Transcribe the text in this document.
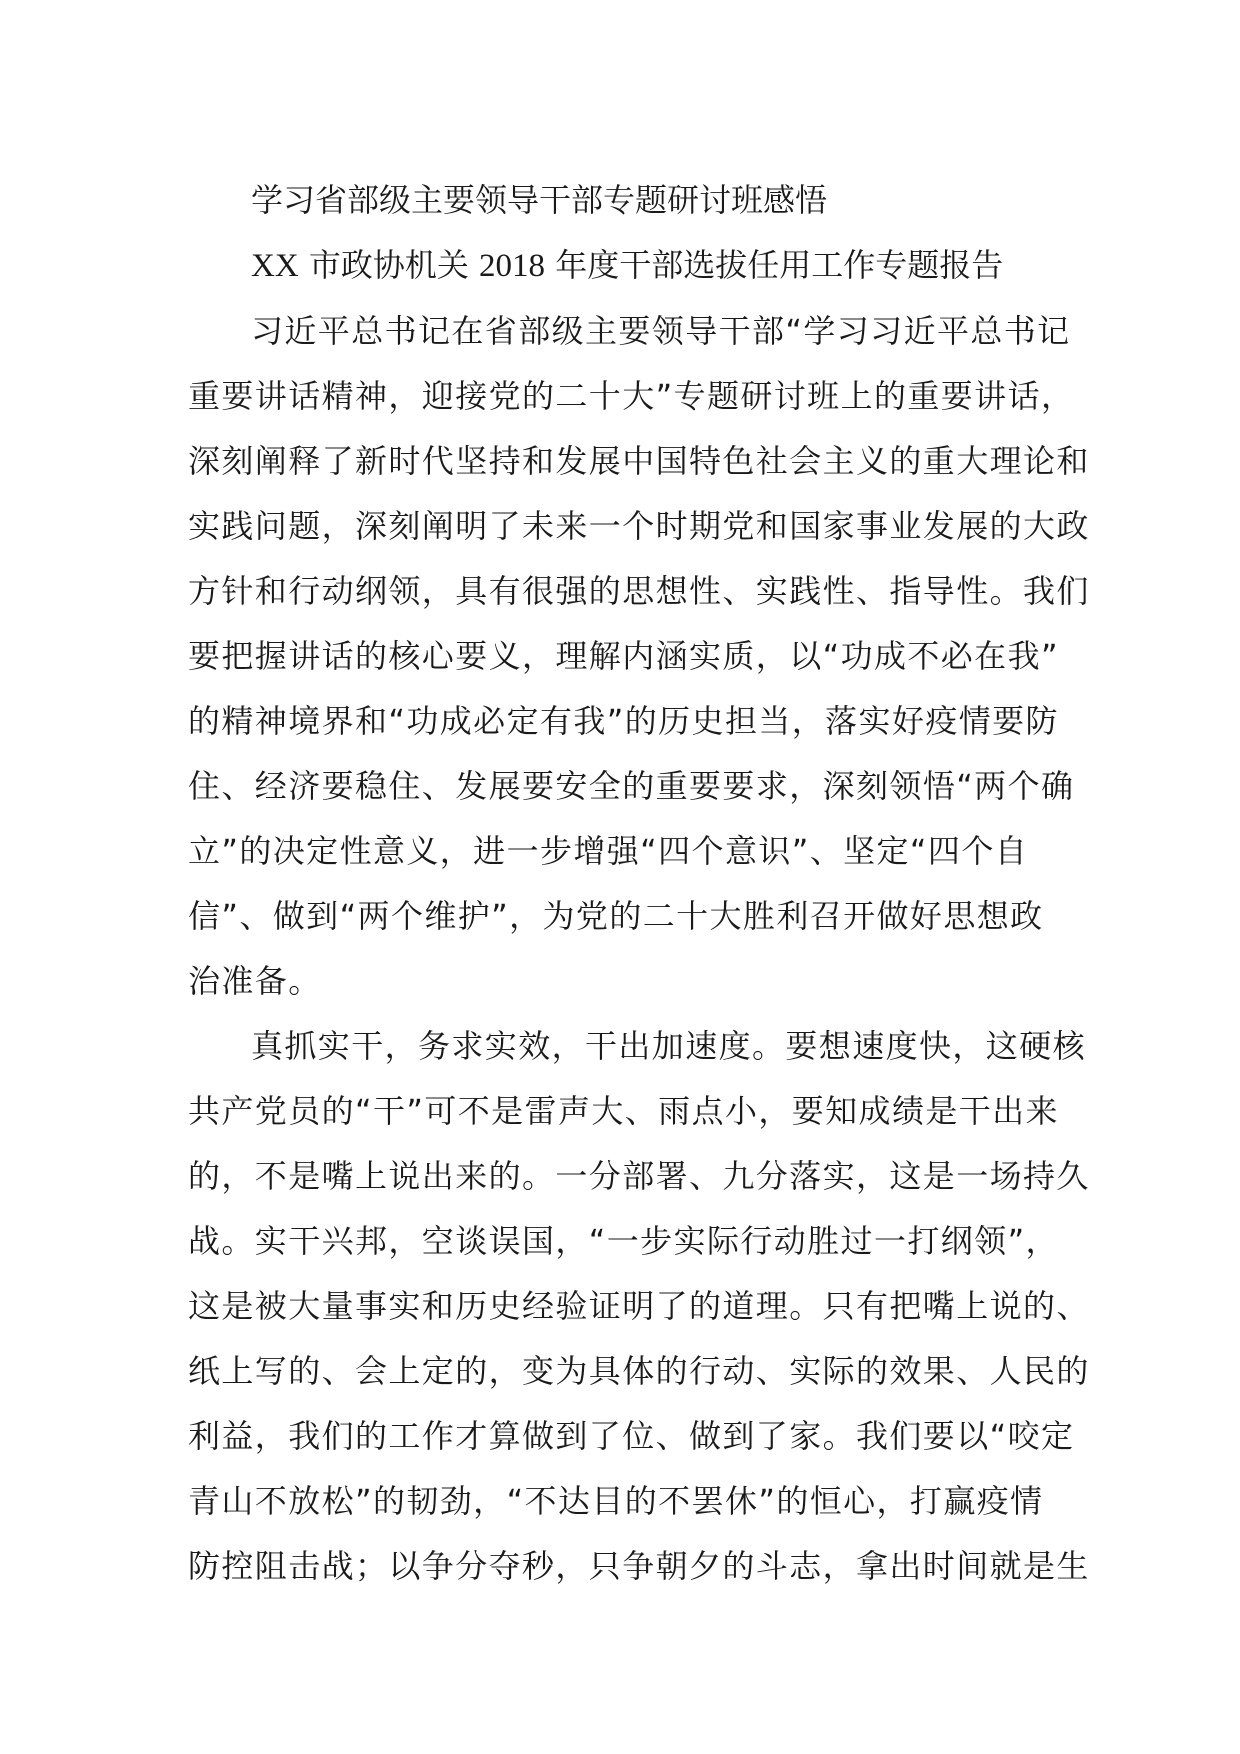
学习省部级主要领导干部专题研讨班感悟
XX 市政协机关 2018 年度干部选拔任用工作专题报告
习近平总书记在省部级主要领导干部“学习习近平总书记
重要讲话精神，迎接党的二十大”专题研讨班上的重要讲话，
深刻阐释了新时代坚持和发展中国特色社会主义的重大理论和
实践问题，深刻阐明了未来一个时期党和国家事业发展的大政
方针和行动纲领，具有很强的思想性、实践性、指导性。我们
要把握讲话的核心要义，理解内涵实质，以“功成不必在我”
的精神境界和“功成必定有我”的历史担当，落实好疫情要防
住、经济要稳住、发展要安全的重要要求，深刻领悟“两个确
立”的决定性意义，进一步增强“四个意识”、坚定“四个自
信”、做到“两个维护”，为党的二十大胜利召开做好思想政
治准备。
真抓实干，务求实效，干出加速度。要想速度快，这硬核
共产党员的“干”可不是雷声大、雨点小，要知成绩是干出来
的，不是嘴上说出来的。一分部署、九分落实，这是一场持久
战。实干兴邦，空谈误国，“一步实际行动胜过一打纲领”，
这是被大量事实和历史经验证明了的道理。只有把嘴上说的、
纸上写的、会上定的，变为具体的行动、实际的效果、人民的
利益，我们的工作才算做到了位、做到了家。我们要以“咬定
青山不放松”的韧劲，“不达目的不罢休”的恒心，打赢疫情
防控阻击战；以争分夺秒，只争朝夕的斗志，拿出时间就是生
